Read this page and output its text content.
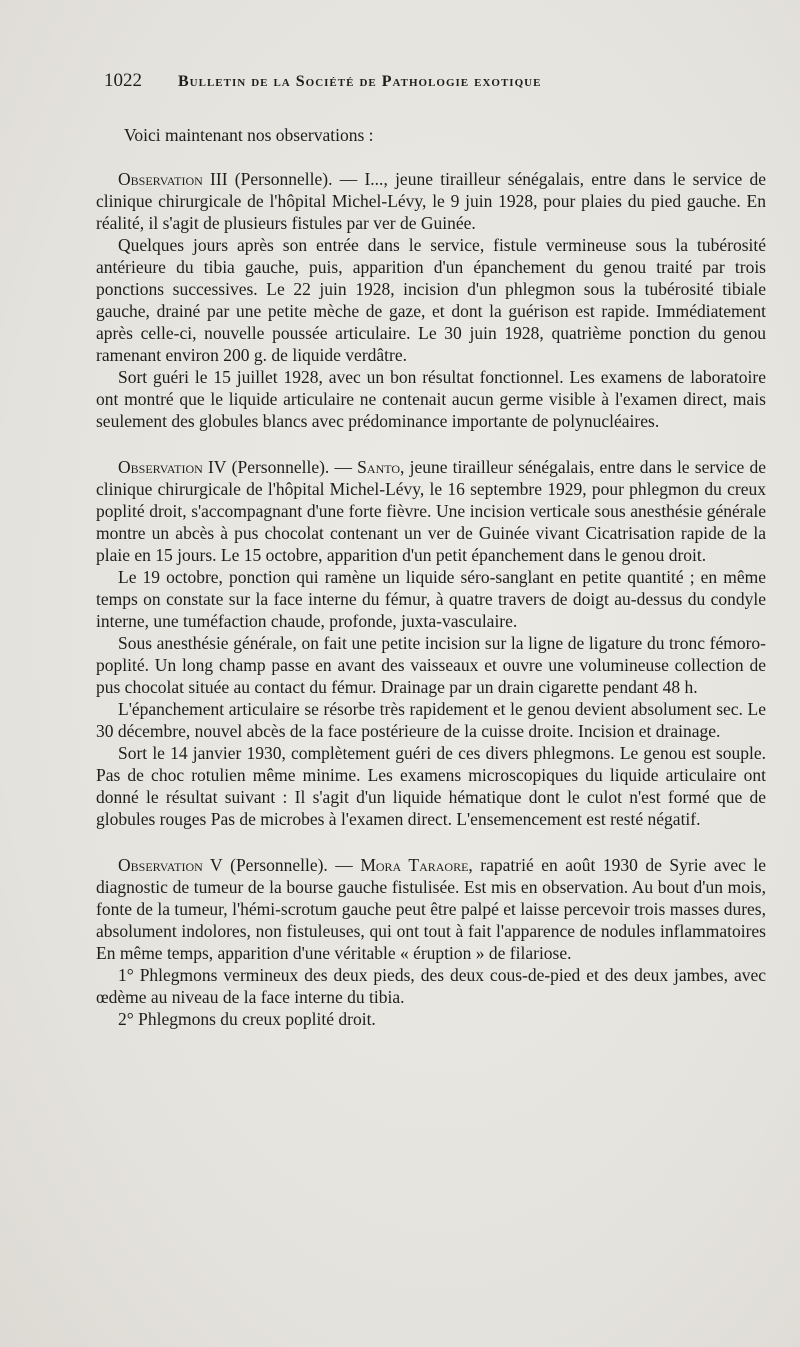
1022	Bulletin de la Société de Pathologie exotique

Voici maintenant nos observations :

Observation III (Personnelle). — I..., jeune tirailleur sénégalais, entre dans le service de clinique chirurgicale de l'hôpital Michel-Lévy, le 9 juin 1928, pour plaies du pied gauche. En réalité, il s'agit de plusieurs fistules par ver de Guinée.

Quelques jours après son entrée dans le service, fistule vermineuse sous la tubérosité antérieure du tibia gauche, puis, apparition d'un épanchement du genou traité par trois ponctions successives. Le 22 juin 1928, incision d'un phlegmon sous la tubérosité tibiale gauche, drainé par une petite mèche de gaze, et dont la guérison est rapide. Immédiatement après celle-ci, nouvelle poussée articulaire. Le 30 juin 1928, quatrième ponction du genou ramenant environ 200 g. de liquide verdâtre.

Sort guéri le 15 juillet 1928, avec un bon résultat fonctionnel. Les examens de laboratoire ont montré que le liquide articulaire ne contenait aucun germe visible à l'examen direct, mais seulement des globules blancs avec prédominance importante de polynucléaires.

Observation IV (Personnelle). — Santo, jeune tirailleur sénégalais, entre dans le service de clinique chirurgicale de l'hôpital Michel-Lévy, le 16 septembre 1929, pour phlegmon du creux poplité droit, s'accompagnant d'une forte fièvre. Une incision verticale sous anesthésie générale montre un abcès à pus chocolat contenant un ver de Guinée vivant Cicatrisation rapide de la plaie en 15 jours. Le 15 octobre, apparition d'un petit épanchement dans le genou droit.

Le 19 octobre, ponction qui ramène un liquide séro-sanglant en petite quantité ; en même temps on constate sur la face interne du fémur, à quatre travers de doigt au-dessus du condyle interne, une tuméfaction chaude, profonde, juxta-vasculaire.

Sous anesthésie générale, on fait une petite incision sur la ligne de ligature du tronc fémoro-poplité. Un long champ passe en avant des vaisseaux et ouvre une volumineuse collection de pus chocolat située au contact du fémur. Drainage par un drain cigarette pendant 48 h.

L'épanchement articulaire se résorbe très rapidement et le genou devient absolument sec. Le 30 décembre, nouvel abcès de la face postérieure de la cuisse droite. Incision et drainage.

Sort le 14 janvier 1930, complètement guéri de ces divers phlegmons. Le genou est souple. Pas de choc rotulien même minime. Les examens microscopiques du liquide articulaire ont donné le résultat suivant : Il s'agit d'un liquide hématique dont le culot n'est formé que de globules rouges Pas de microbes à l'examen direct. L'ensemencement est resté négatif.

Observation V (Personnelle). — Mora Taraore, rapatrié en août 1930 de Syrie avec le diagnostic de tumeur de la bourse gauche fistulisée. Est mis en observation. Au bout d'un mois, fonte de la tumeur, l'hémi-scrotum gauche peut être palpé et laisse percevoir trois masses dures, absolument indolores, non fistuleuses, qui ont tout à fait l'apparence de nodules inflammatoires En même temps, apparition d'une véritable « éruption » de filariose.

1° Phlegmons vermineux des deux pieds, des deux cous-de-pied et des deux jambes, avec œdème au niveau de la face interne du tibia.

2° Phlegmons du creux poplité droit.
